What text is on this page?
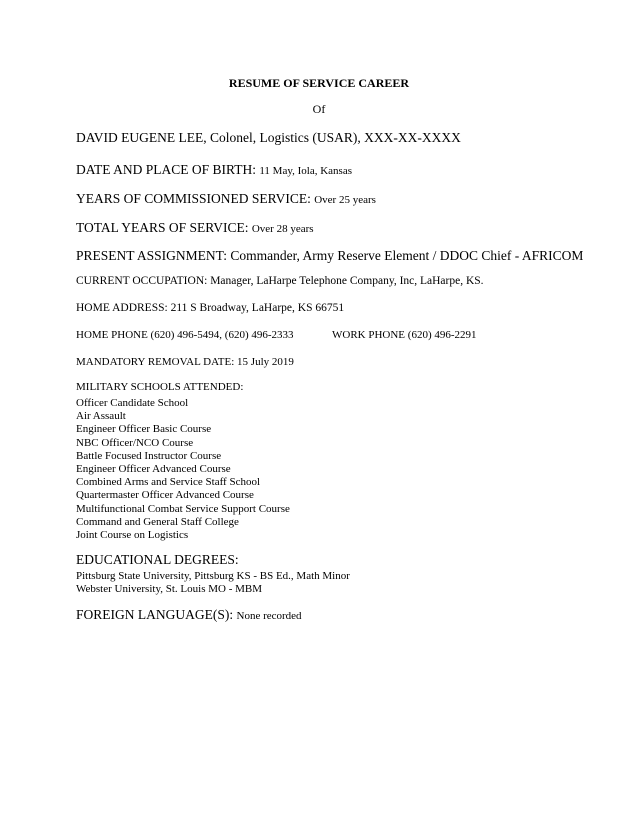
RESUME OF SERVICE CAREER
Of
DAVID EUGENE LEE, Colonel, Logistics (USAR), XXX-XX-XXXX
DATE AND PLACE OF BIRTH: 11 May, Iola, Kansas
YEARS OF COMMISSIONED SERVICE: Over 25 years
TOTAL YEARS OF SERVICE: Over 28 years
PRESENT ASSIGNMENT: Commander, Army Reserve Element / DDOC Chief - AFRICOM
CURRENT OCCUPATION: Manager, LaHarpe Telephone Company, Inc, LaHarpe, KS.
HOME ADDRESS: 211 S Broadway, LaHarpe, KS 66751
HOME PHONE (620) 496-5494, (620) 496-2333	WORK PHONE (620) 496-2291
MANDATORY REMOVAL DATE: 15 July 2019
MILITARY SCHOOLS ATTENDED:
Officer Candidate School
Air Assault
Engineer Officer Basic Course
NBC Officer/NCO Course
Battle Focused Instructor Course
Engineer Officer Advanced Course
Combined Arms and Service Staff School
Quartermaster Officer Advanced Course
Multifunctional Combat Service Support Course
Command and General Staff College
Joint Course on Logistics
EDUCATIONAL DEGREES:
Pittsburg State University, Pittsburg KS - BS Ed., Math Minor
Webster University, St. Louis MO - MBM
FOREIGN LANGUAGE(S): None recorded
